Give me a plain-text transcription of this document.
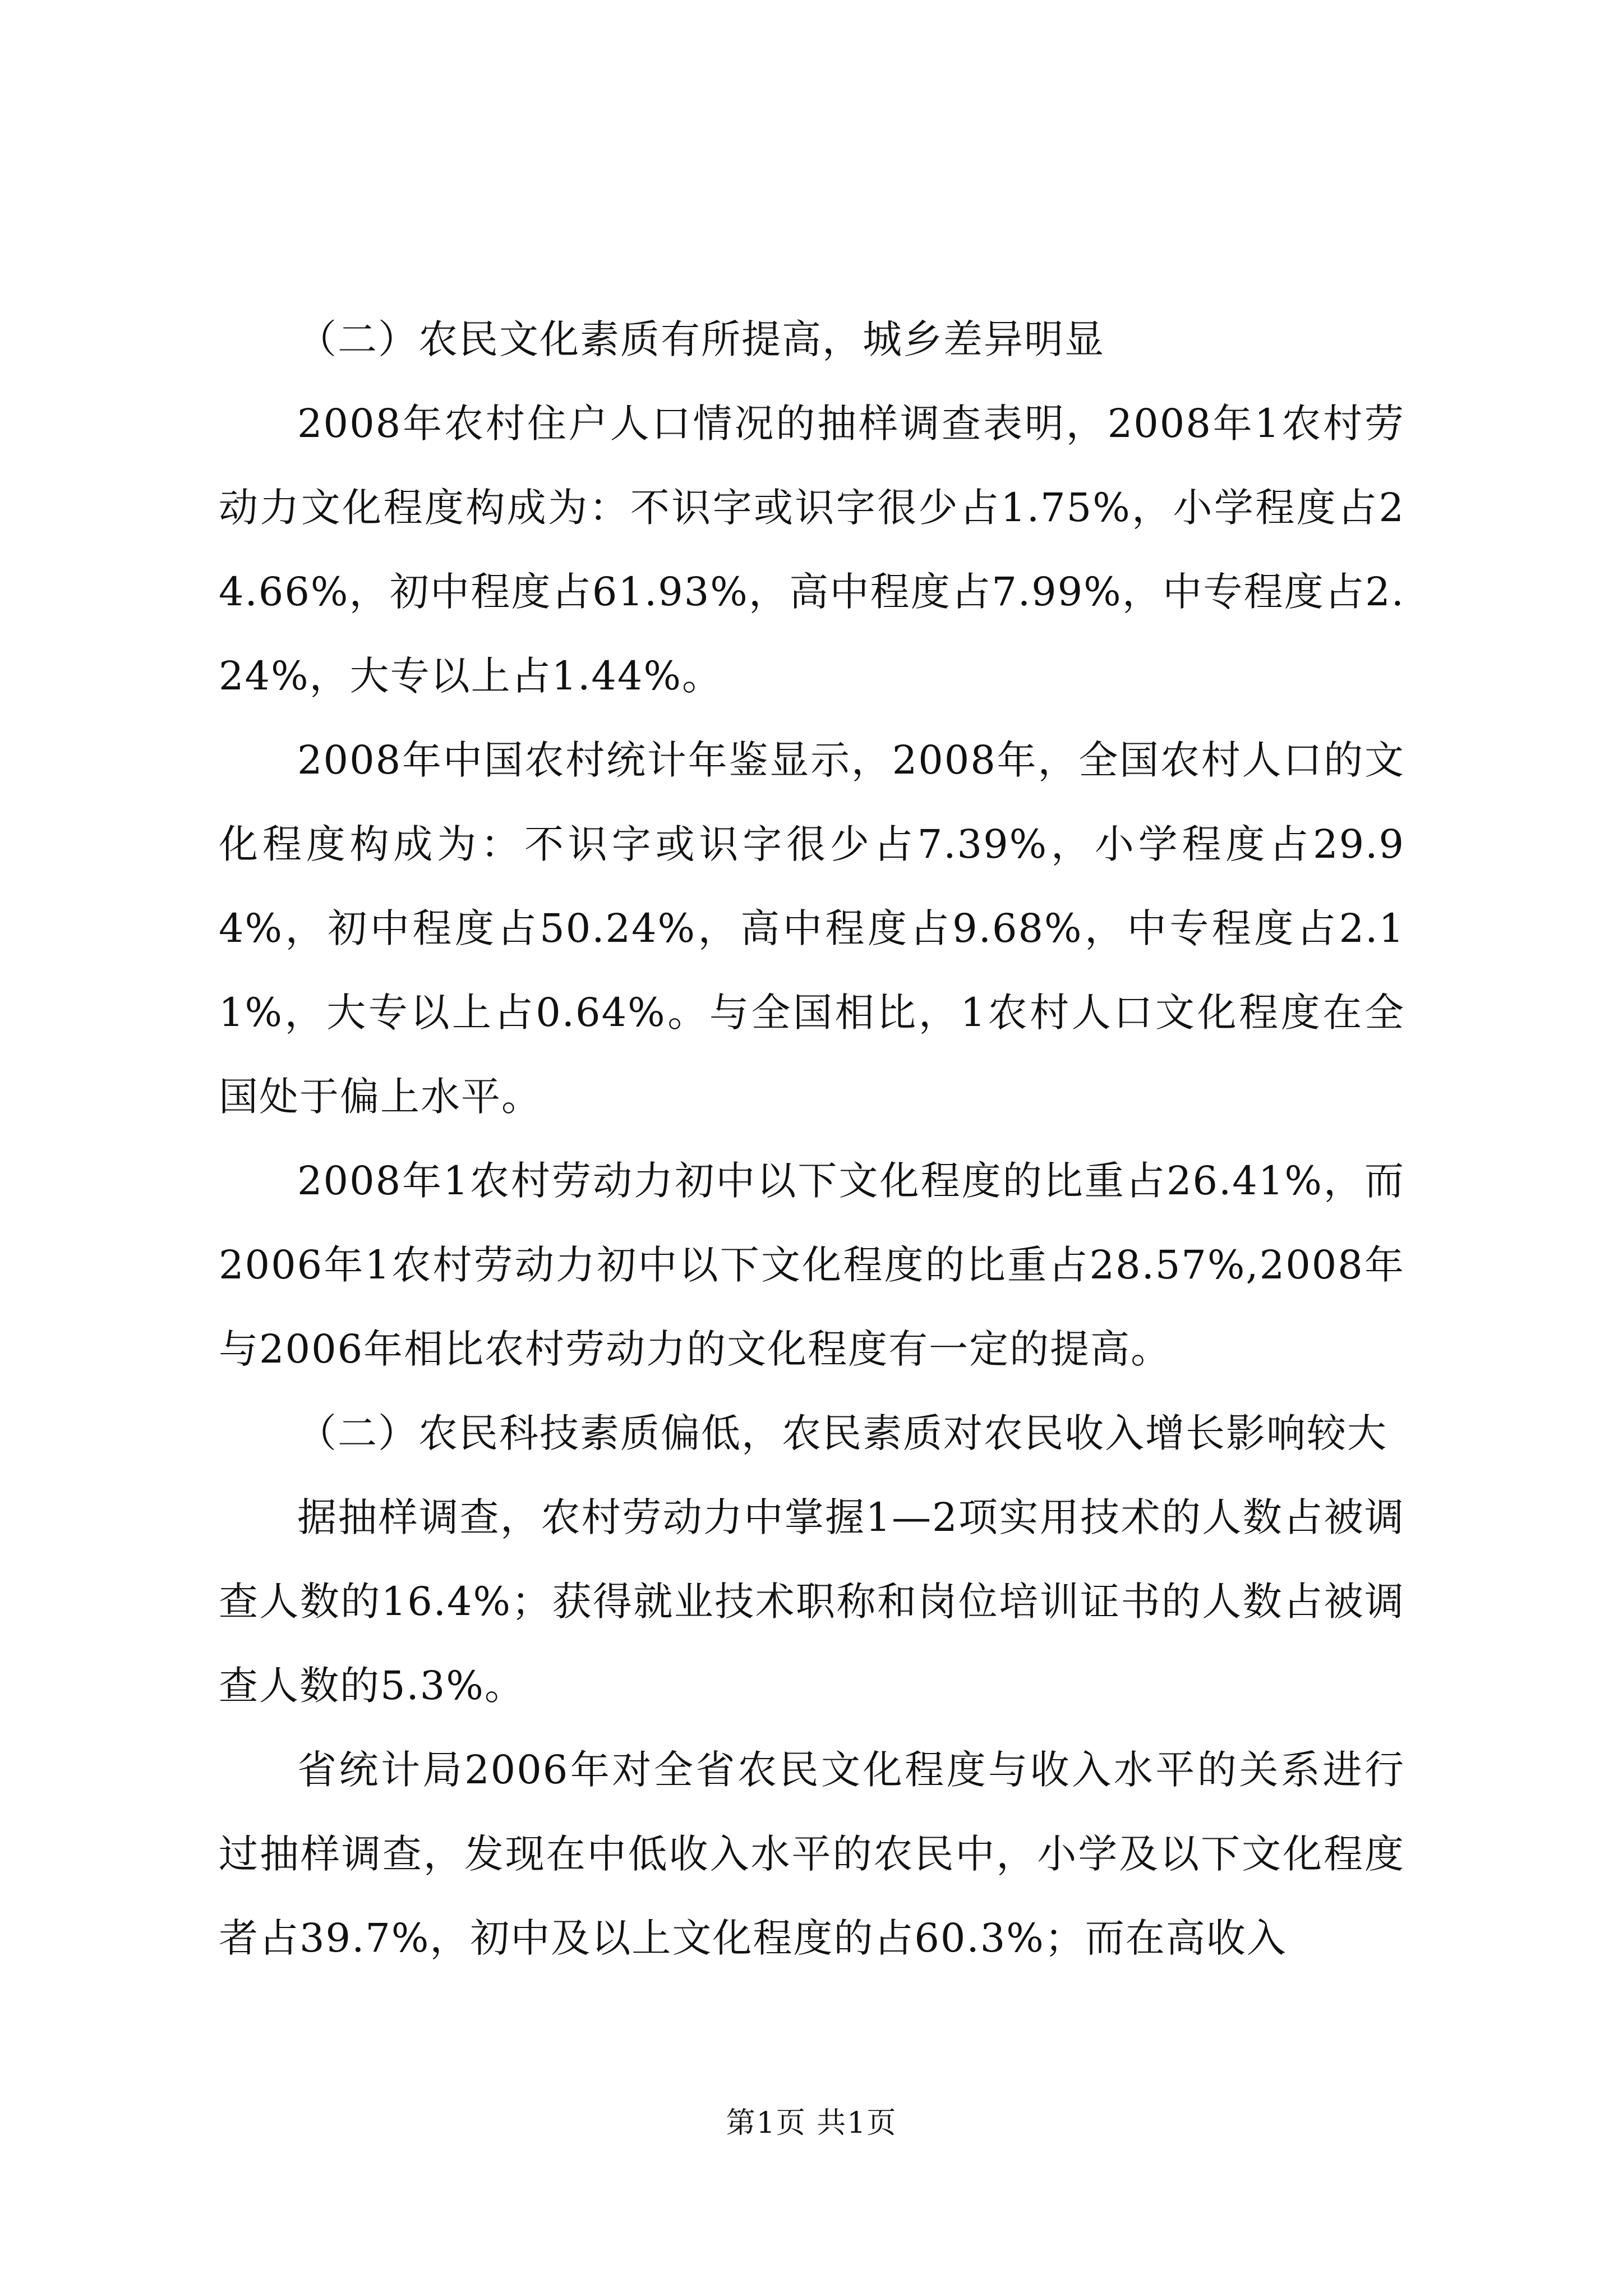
（二）农民文化素质有所提高，城乡差异明显

2008年农村住户人口情况的抽样调查表明，2008年1农村劳动力文化程度构成为：不识字或识字很少占1.75%，小学程度占24.66%，初中程度占61.93%，高中程度占7.99%，中专程度占2.24%，大专以上占1.44%。

2008年中国农村统计年鉴显示，2008年，全国农村人口的文化程度构成为：不识字或识字很少占7.39%，小学程度占29.94%，初中程度占50.24%，高中程度占9.68%，中专程度占2.11%，大专以上占0.64%。与全国相比，1农村人口文化程度在全国处于偏上水平。

2008年1农村劳动力初中以下文化程度的比重占26.41%，而2006年1农村劳动力初中以下文化程度的比重占28.57%,2008年与2006年相比农村劳动力的文化程度有一定的提高。

（二）农民科技素质偏低，农民素质对农民收入增长影响较大

据抽样调查，农村劳动力中掌握1—2项实用技术的人数占被调查人数的16.4%；获得就业技术职称和岗位培训证书的人数占被调查人数的5.3%。

省统计局2006年对全省农民文化程度与收入水平的关系进行过抽样调查，发现在中低收入水平的农民中，小学及以下文化程度者占39.7%，初中及以上文化程度的占60.3%；而在高收入

第1页 共1页
